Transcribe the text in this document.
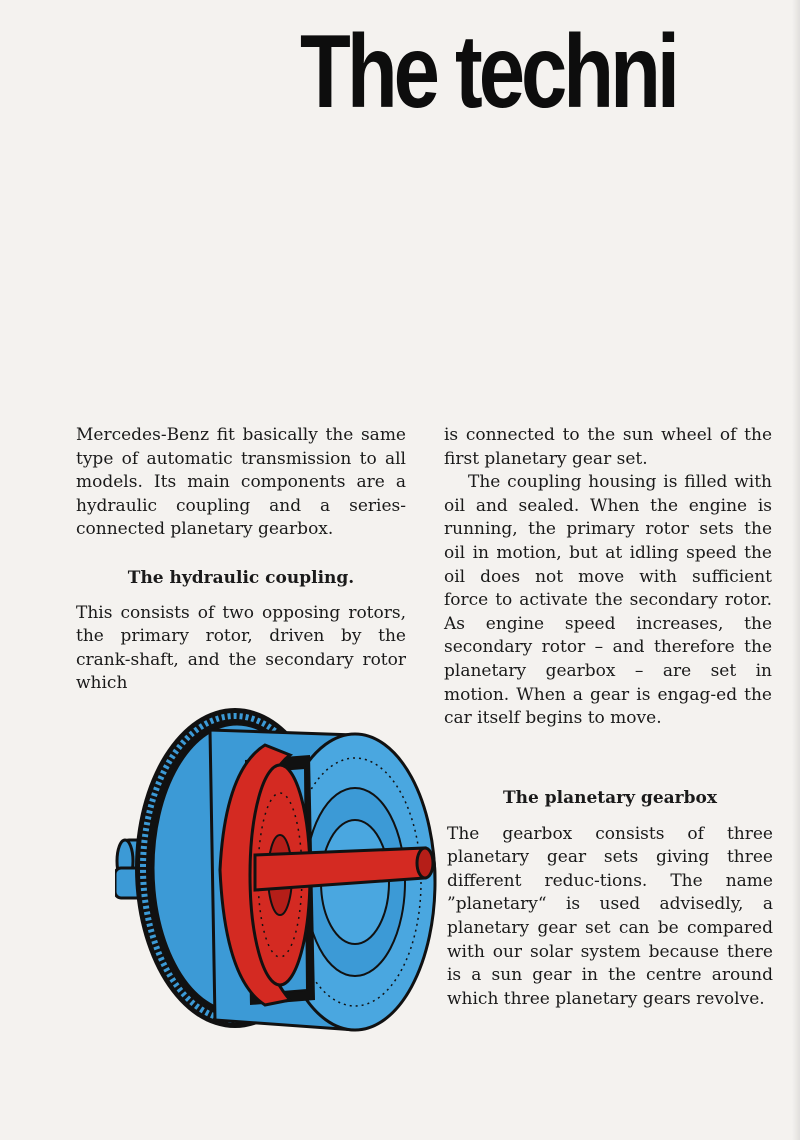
The techni

Mercedes-Benz fit basically the same type of automatic transmission to all models. Its main components are a hydraulic coupling and a series-connected planetary gearbox.

The hydraulic coupling.

This consists of two opposing rotors, the primary rotor, driven by the crank-shaft, and the secondary rotor which

is connected to the sun wheel of the first planetary gear set.

The coupling housing is filled with oil and sealed. When the engine is running, the primary rotor sets the oil in motion, but at idling speed the oil does not move with sufficient force to activate the secondary rotor. As engine speed increases, the secondary rotor – and therefore the planetary gearbox – are set in motion. When a gear is engag-ed the car itself begins to move.

The planetary gearbox

The gearbox consists of three planetary gear sets giving three different reduc-tions. The name ”planetary“ is used advisedly, a planetary gear set can be compared with our solar system because there is a sun gear in the centre around which three planetary gears revolve.
